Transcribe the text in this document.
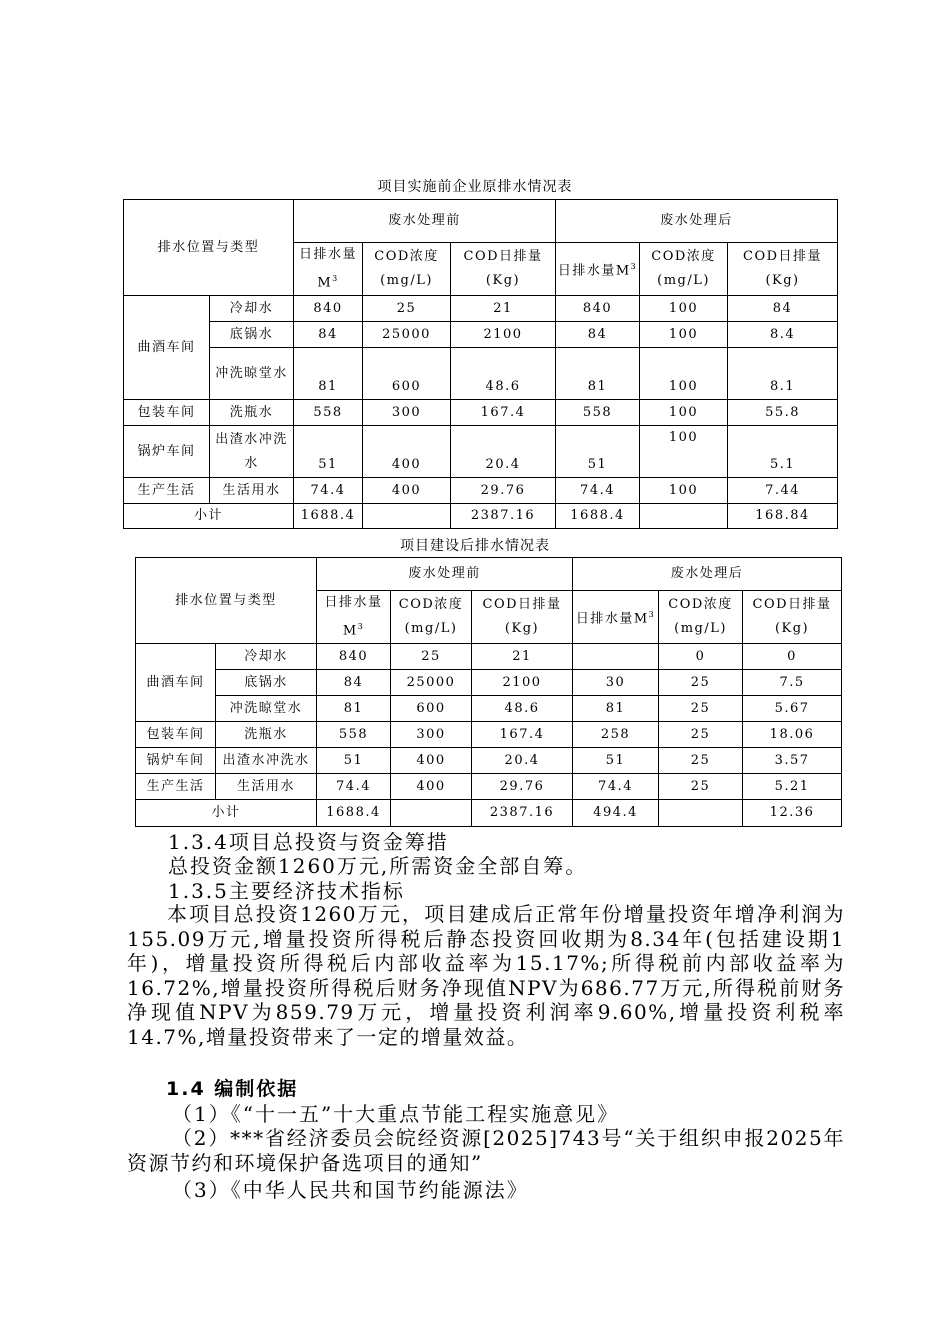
项目实施前企业原排水情况表
排水位置与类型		废水处理前			废水处理后		
		日排水量$M^3$	COD浓度(mg/L)	COD日排量(Kg)	日排水量$M^3$	COD浓度(mg/L)	COD日排量(Kg)
曲酒车间	冷却水	840	25	21	840	100	84
	底锅水	84	25000	2100	84	100	8.4
	冲洗晾堂水	81	600	48.6	81	100	8.1
包装车间	洗瓶水	558	300	167.4	558	100	55.8
锅炉车间	出渣水冲洗水	51	400	20.4	51	100	5.1
生产生活	生活用水	74.4	400	29.76	74.4	100	7.44
小计		1688.4		2387.16	1688.4		168.84
项目建设后排水情况表
排水位置与类型		废水处理前			废水处理后		
		日排水量$M^3$	COD浓度(mg/L)	COD日排量(Kg)	日排水量$M^3$	COD浓度(mg/L)	COD日排量(Kg)
曲酒车间	冷却水	840	25	21		0	0
	底锅水	84	25000	2100	30	25	7.5
	冲洗晾堂水	81	600	48.6	81	25	5.67
包装车间	洗瓶水	558	300	167.4	258	25	18.06
锅炉车间	出渣水冲洗水	51	400	20.4	51	25	3.57
生产生活	生活用水	74.4	400	29.76	74.4	25	5.21
小计		1688.4		2387.16	494.4		12.36
1.3.4项目总投资与资金筹措
总投资金额1260万元,所需资金全部自筹。
1.3.5主要经济技术指标
本项目总投资1260万元，项目建成后正常年份增量投资年增净利润为155.09万元,增量投资所得税后静态投资回收期为8.34年(包括建设期1年)，增量投资所得税后内部收益率为15.17%;所得税前内部收益率为16.72%,增量投资所得税后财务净现值NPV为686.77万元,所得税前财务净现值NPV为859.79万元，增量投资利润率9.60%,增量投资利税率14.7%,增量投资带来了一定的增量效益。
1.4 编制依据
（1）《“十一五”十大重点节能工程实施意见》
（2）***省经济委员会皖经资源[2025]743号“关于组织申报2025年资源节约和环境保护备选项目的通知”
（3）《中华人民共和国节约能源法》
